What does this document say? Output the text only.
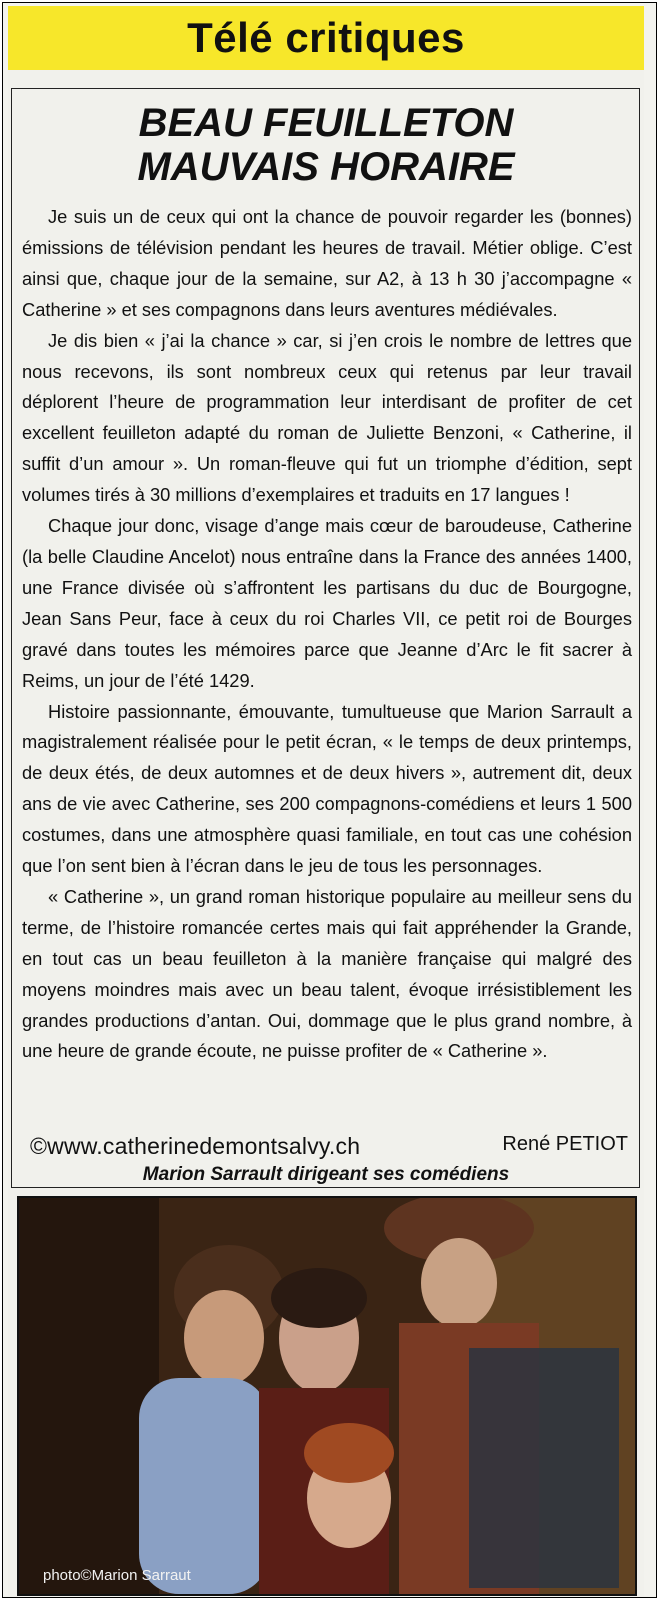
Télé critiques
BEAU FEUILLETON
MAUVAIS HORAIRE

Je suis un de ceux qui ont la chance de pouvoir regarder les (bonnes) émissions de télévision pendant les heures de travail. Métier oblige. C’est ainsi que, chaque jour de la semaine, sur A2, à 13 h 30 j’accompagne « Catherine » et ses compagnons dans leurs aventures médiévales.

Je dis bien « j’ai la chance » car, si j’en crois le nombre de lettres que nous recevons, ils sont nombreux ceux qui retenus par leur travail déplorent l’heure de programmation leur interdisant de profiter de cet excellent feuilleton adapté du roman de Juliette Benzoni, « Catherine, il suffit d’un amour ». Un roman-fleuve qui fut un triomphe d’édition, sept volumes tirés à 30 millions d’exemplaires et traduits en 17 langues !

Chaque jour donc, visage d’ange mais cœur de baroudeuse, Catherine (la belle Claudine Ancelot) nous entraîne dans la France des années 1400, une France divisée où s’affrontent les partisans du duc de Bourgogne, Jean Sans Peur, face à ceux du roi Charles VII, ce petit roi de Bourges gravé dans toutes les mémoires parce que Jeanne d’Arc le fit sacrer à Reims, un jour de l’été 1429.

Histoire passionnante, émouvante, tumultueuse que Marion Sarrault a magistralement réalisée pour le petit écran, « le temps de deux printemps, de deux étés, de deux automnes et de deux hivers », autrement dit, deux ans de vie avec Catherine, ses 200 compagnons-comédiens et leurs 1 500 costumes, dans une atmosphère quasi familiale, en tout cas une cohésion que l’on sent bien à l’écran dans le jeu de tous les personnages.

« Catherine », un grand roman historique populaire au meilleur sens du terme, de l’histoire romancée certes mais qui fait appréhender la Grande, en tout cas un beau feuilleton à la manière française qui malgré des moyens moindres mais avec un beau talent, évoque irrésistiblement les grandes productions d’antan. Oui, dommage que le plus grand nombre, à une heure de grande écoute, ne puisse profiter de « Catherine ».

©www.catherinedemontsalvy.ch	René PETIOT
Marion Sarrault dirigeant ses comédiens
photo©Marion Sarraut
